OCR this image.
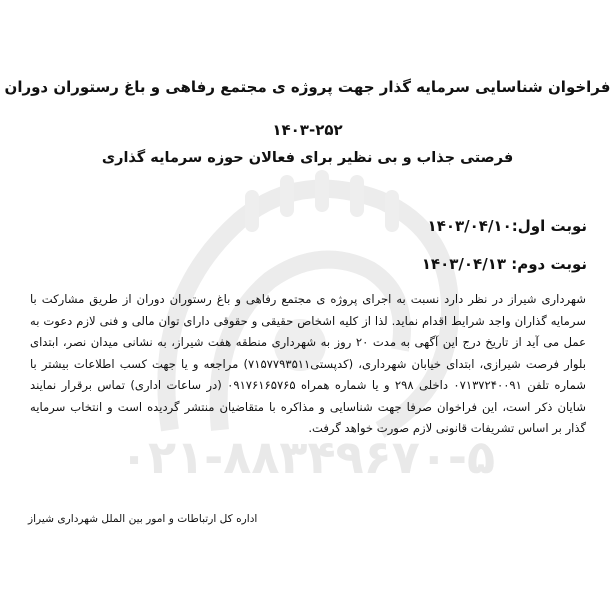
۰۲۱-۸۸۳۴۹۶۷۰-۵
فراخوان شناسایی سرمایه گذار جهت پروژه ی مجتمع رفاهی و باغ رستوران دوران
۱۴۰۳-۲۵۲
فرصتی جذاب و بی نظیر برای فعالان حوزه سرمایه گذاری
نوبت اول:۱۴۰۳/۰۴/۱۰
نوبت دوم: ۱۴۰۳/۰۴/۱۳
شهرداری شیراز در نظر دارد نسبت به اجرای پروژه ی مجتمع رفاهی و باغ رستوران دوران از طریق مشارکت با سرمایه گذاران واجد شرایط اقدام نماید. لذا از کلیه اشخاص حقیقی و حقوقی دارای توان مالی و فنی لازم دعوت به عمل می آید از تاریخ درج این آگهی به مدت ۲۰ روز به شهرداری منطقه هفت شیراز، به نشانی میدان نصر، ابتدای بلوار فرصت شیرازی، ابتدای خیابان شهرداری، (کدپستی۷۱۵۷۷۹۳۵۱۱) مراجعه و یا جهت کسب اطلاعات بیشتر با شماره تلفن ۰۷۱۳۷۲۴۰۰۹۱ داخلی ۲۹۸ و یا شماره همراه ۰۹۱۷۶۱۶۵۷۶۵ (در ساعات اداری) تماس برقرار نمایند شایان ذکر است، این فراخوان صرفا جهت شناسایی و مذاکره با متقاضیان منتشر گردیده است و انتخاب سرمایه گذار بر اساس تشریفات قانونی لازم صورت خواهد گرفت.
اداره کل ارتباطات و امور بین الملل شهرداری شیراز
